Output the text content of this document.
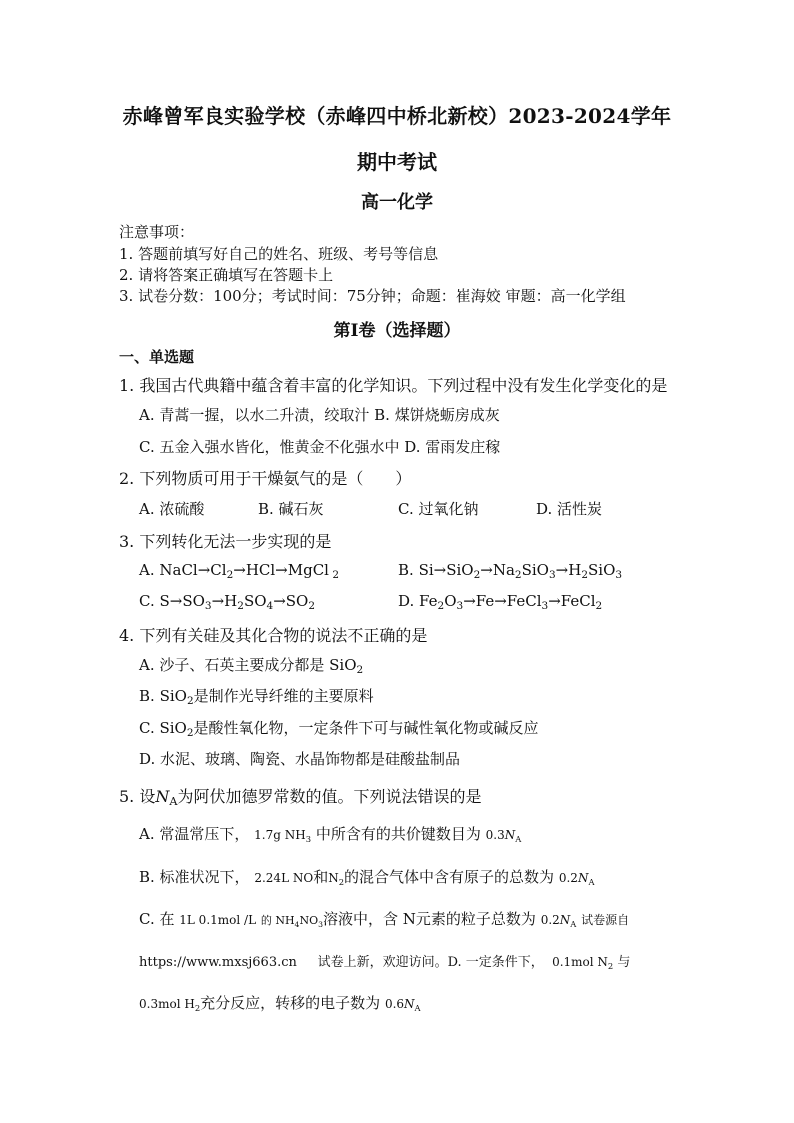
赤峰曾军良实验学校（赤峰四中桥北新校）2023-2024学年
期中考试
高一化学
注意事项：
1. 答题前填写好自己的姓名、班级、考号等信息
2. 请将答案正确填写在答题卡上
3. 试卷分数：100分；考试时间：75分钟；命题：崔海姣 审题：高一化学组
第I卷（选择题）
一、单选题
1. 我国古代典籍中蕴含着丰富的化学知识。下列过程中没有发生化学变化的是
A. 青蒿一握，以水二升渍，绞取汁 B. 煤饼烧蛎房成灰
C. 五金入强水皆化，惟黄金不化强水中 D. 雷雨发庄稼
2. 下列物质可用于干燥氨气的是（　　）
A. 浓硫酸	B. 碱石灰	C. 过氧化钠	D. 活性炭
3. 下列转化无法一步实现的是
A. $NaCl\to Cl_2\to HCl\to MgCl$ $_2$	B. $Si\to SiO_2\to Na_2SiO_3\to H_2SiO_3$
C. $S\to SO_3\to H_2SO_4\to SO_2$	D. $Fe_2O_3\to Fe\to FeCl_3\to FeCl_2$
4. 下列有关硅及其化合物的说法不正确的是
A. 沙子、石英主要成分都是 SiO$_2$
B. SiO$_2$是制作光导纤维的主要原料
C. SiO$_2$是酸性氧化物，一定条件下可与碱性氧化物或碱反应
D. 水泥、玻璃、陶瓷、水晶饰物都是硅酸盐制品
5. 设$N_A$为阿伏加德罗常数的值。下列说法错误的是
A. 常温常压下， 1.7g $NH_3$ 中所含有的共价键数目为 $0.3N_A$
B. 标准状况下， 2.24L NO和$N_2$的混合气体中含有原子的总数为 $0.2N_A$
C. 在 1L 0.1mol /L 的 $NH_4NO_3$溶液中，含 N元素的粒子总数为 $0.2N_A$ 试卷源自
https://www.mxsj663.cn 试卷上新，欢迎访问。D. 一定条件下， 0.1mol $N_2$ 与
0.3mol $H_2$充分反应，转移的电子数为 $0.6N_A$
